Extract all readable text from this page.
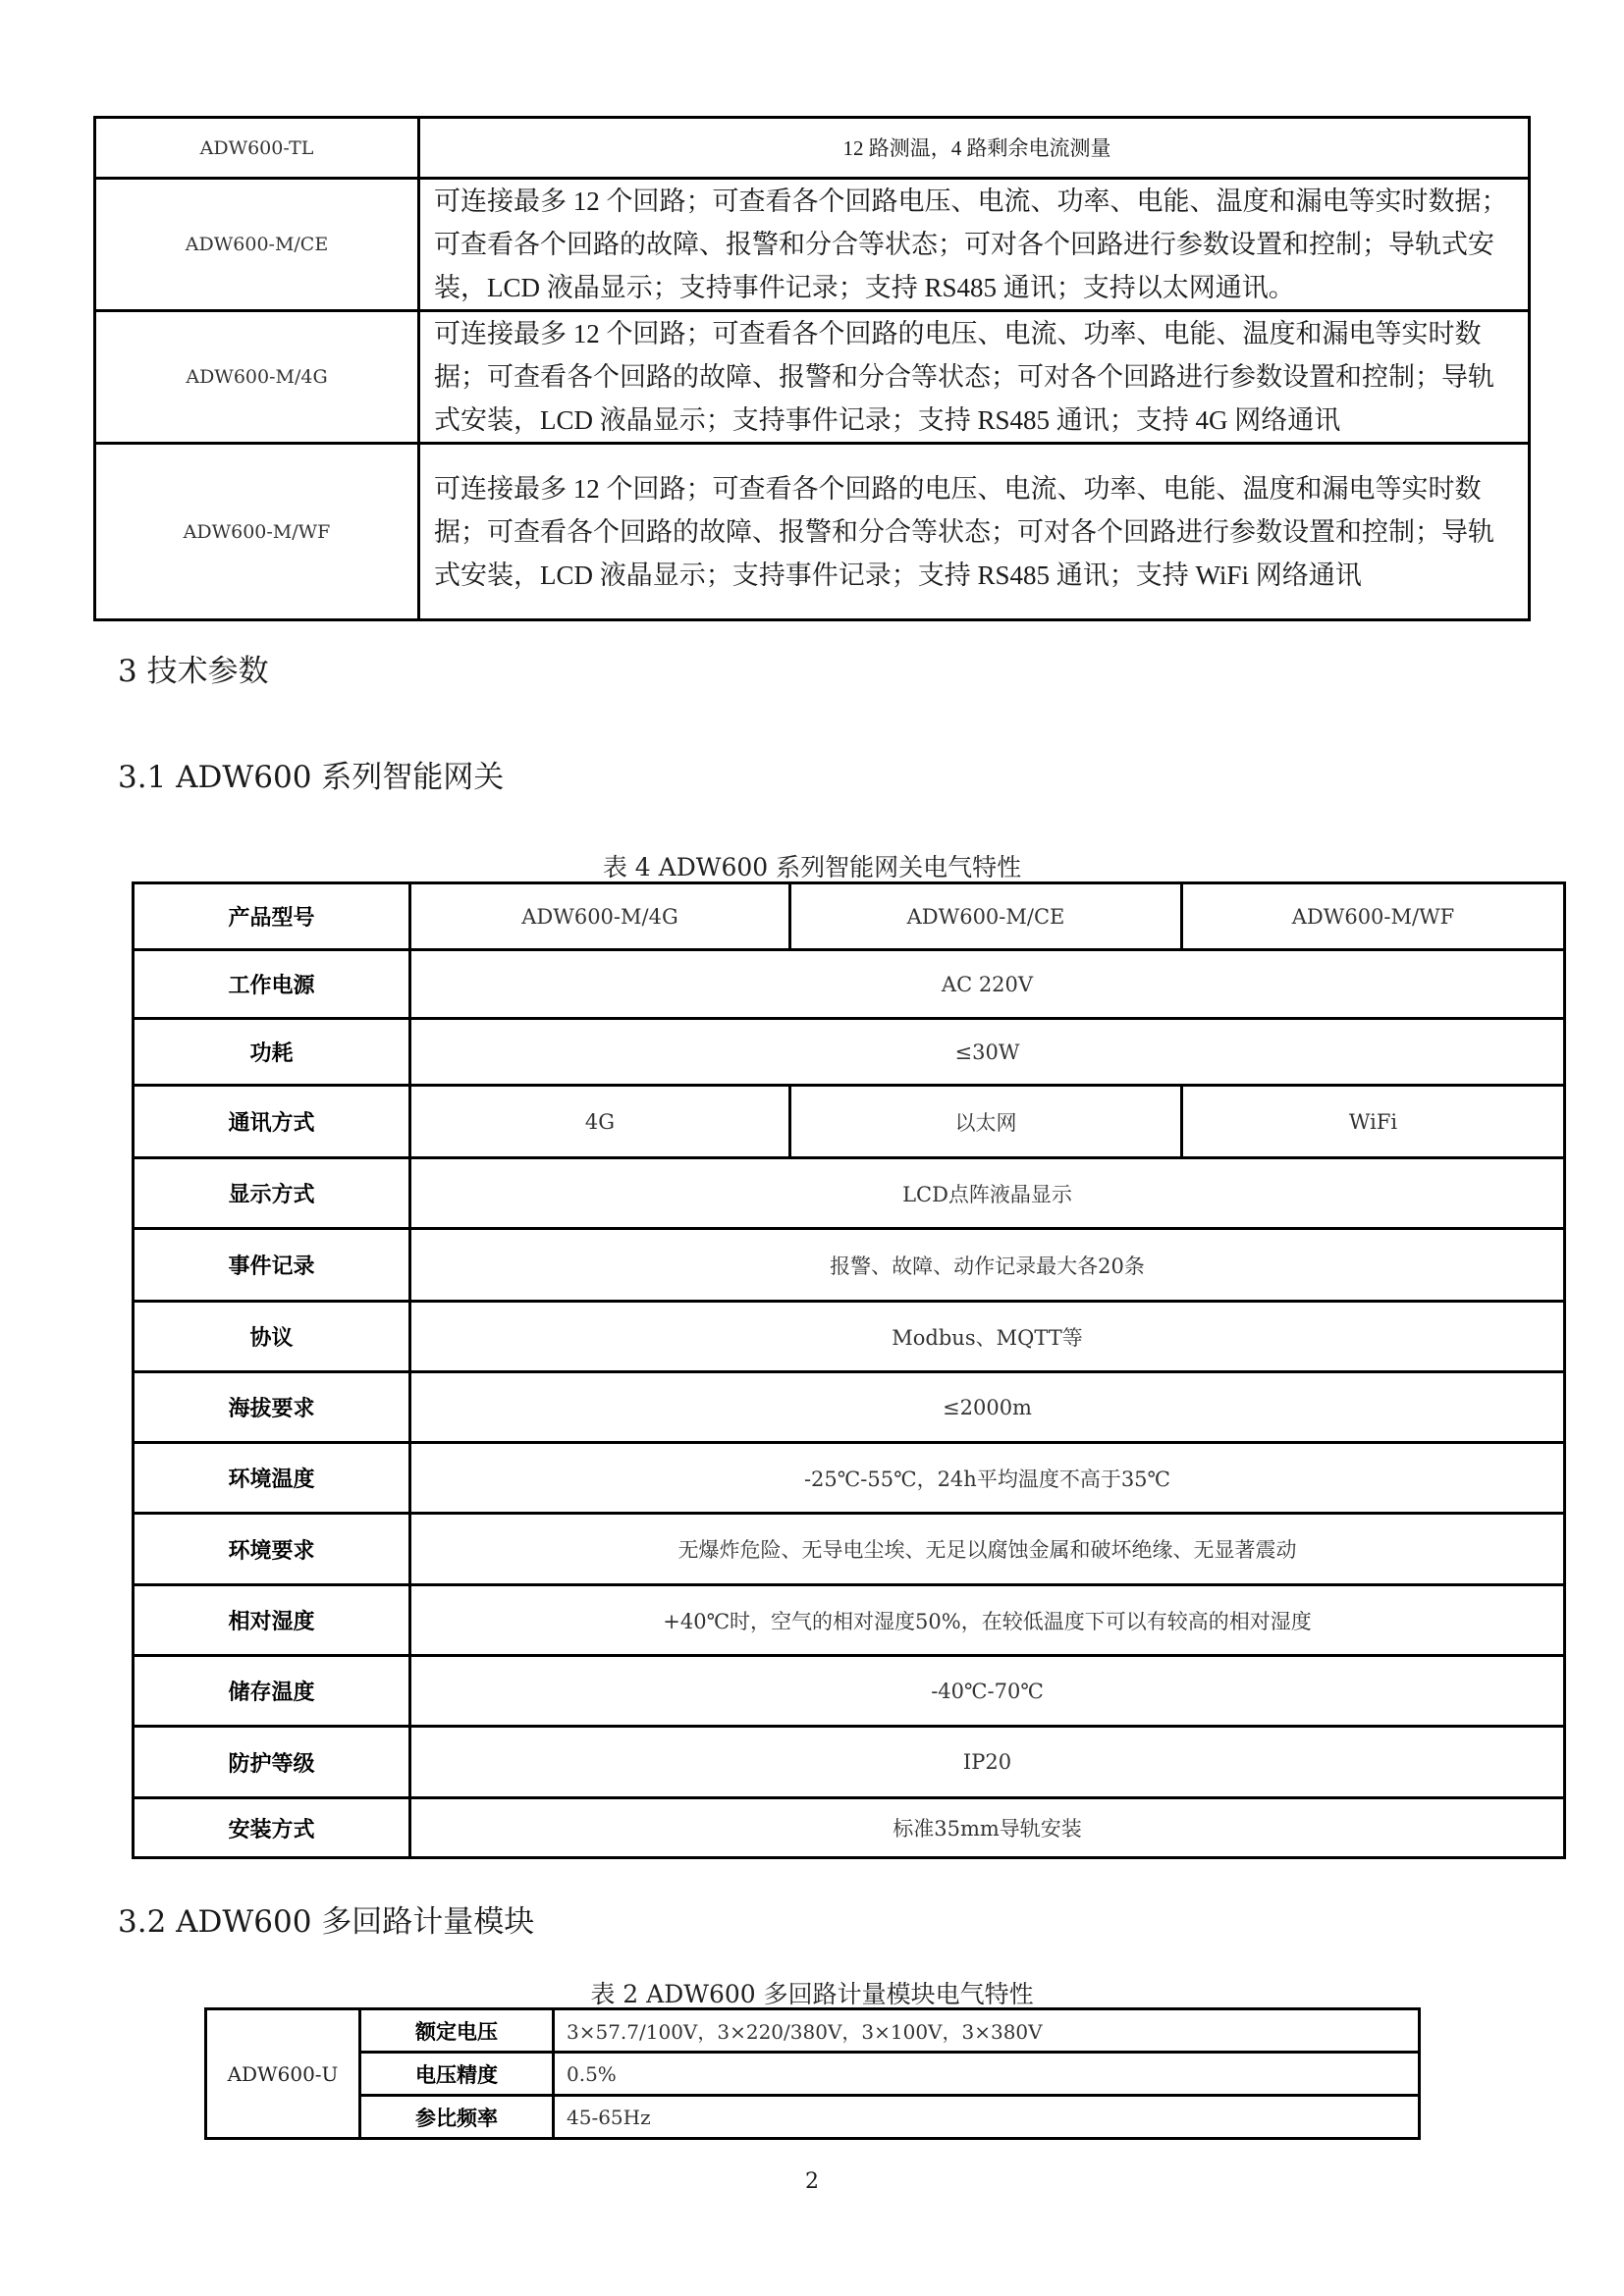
ADW600-TL	12 路测温，4 路剩余电流测量
ADW600-M/CE	可连接最多 12 个回路；可查看各个回路电压、电流、功率、电能、温度和漏电等实时数据；可查看各个回路的故障、报警和分合等状态；可对各个回路进行参数设置和控制；导轨式安装，LCD 液晶显示；支持事件记录；支持 RS485 通讯；支持以太网通讯。
ADW600-M/4G	可连接最多 12 个回路；可查看各个回路的电压、电流、功率、电能、温度和漏电等实时数据；可查看各个回路的故障、报警和分合等状态；可对各个回路进行参数设置和控制；导轨式安装，LCD 液晶显示；支持事件记录；支持 RS485 通讯；支持 4G 网络通讯
ADW600-M/WF	可连接最多 12 个回路；可查看各个回路的电压、电流、功率、电能、温度和漏电等实时数据；可查看各个回路的故障、报警和分合等状态；可对各个回路进行参数设置和控制；导轨式安装，LCD 液晶显示；支持事件记录；支持 RS485 通讯；支持 WiFi 网络通讯
3 技术参数
3.1 ADW600 系列智能网关
表 4 ADW600 系列智能网关电气特性
产品型号	ADW600-M/4G	ADW600-M/CE	ADW600-M/WF
工作电源	AC 220V		
功耗	≤30W		
通讯方式	4G	以太网	WiFi
显示方式	LCD点阵液晶显示		
事件记录	报警、故障、动作记录最大各20条		
协议	Modbus、MQTT等		
海拔要求	≤2000m		
环境温度	-25℃-55℃，24h平均温度不高于35℃		
环境要求	无爆炸危险、无导电尘埃、无足以腐蚀金属和破坏绝缘、无显著震动		
相对湿度	+40℃时，空气的相对湿度50%，在较低温度下可以有较高的相对湿度		
储存温度	-40℃-70℃		
防护等级	IP20		
安装方式	标准35mm导轨安装		
3.2 ADW600 多回路计量模块
表 2 ADW600 多回路计量模块电气特性
ADW600-U	额定电压	3×57.7/100V，3×220/380V，3×100V，3×380V
	电压精度	0.5%
	参比频率	45-65Hz
2
